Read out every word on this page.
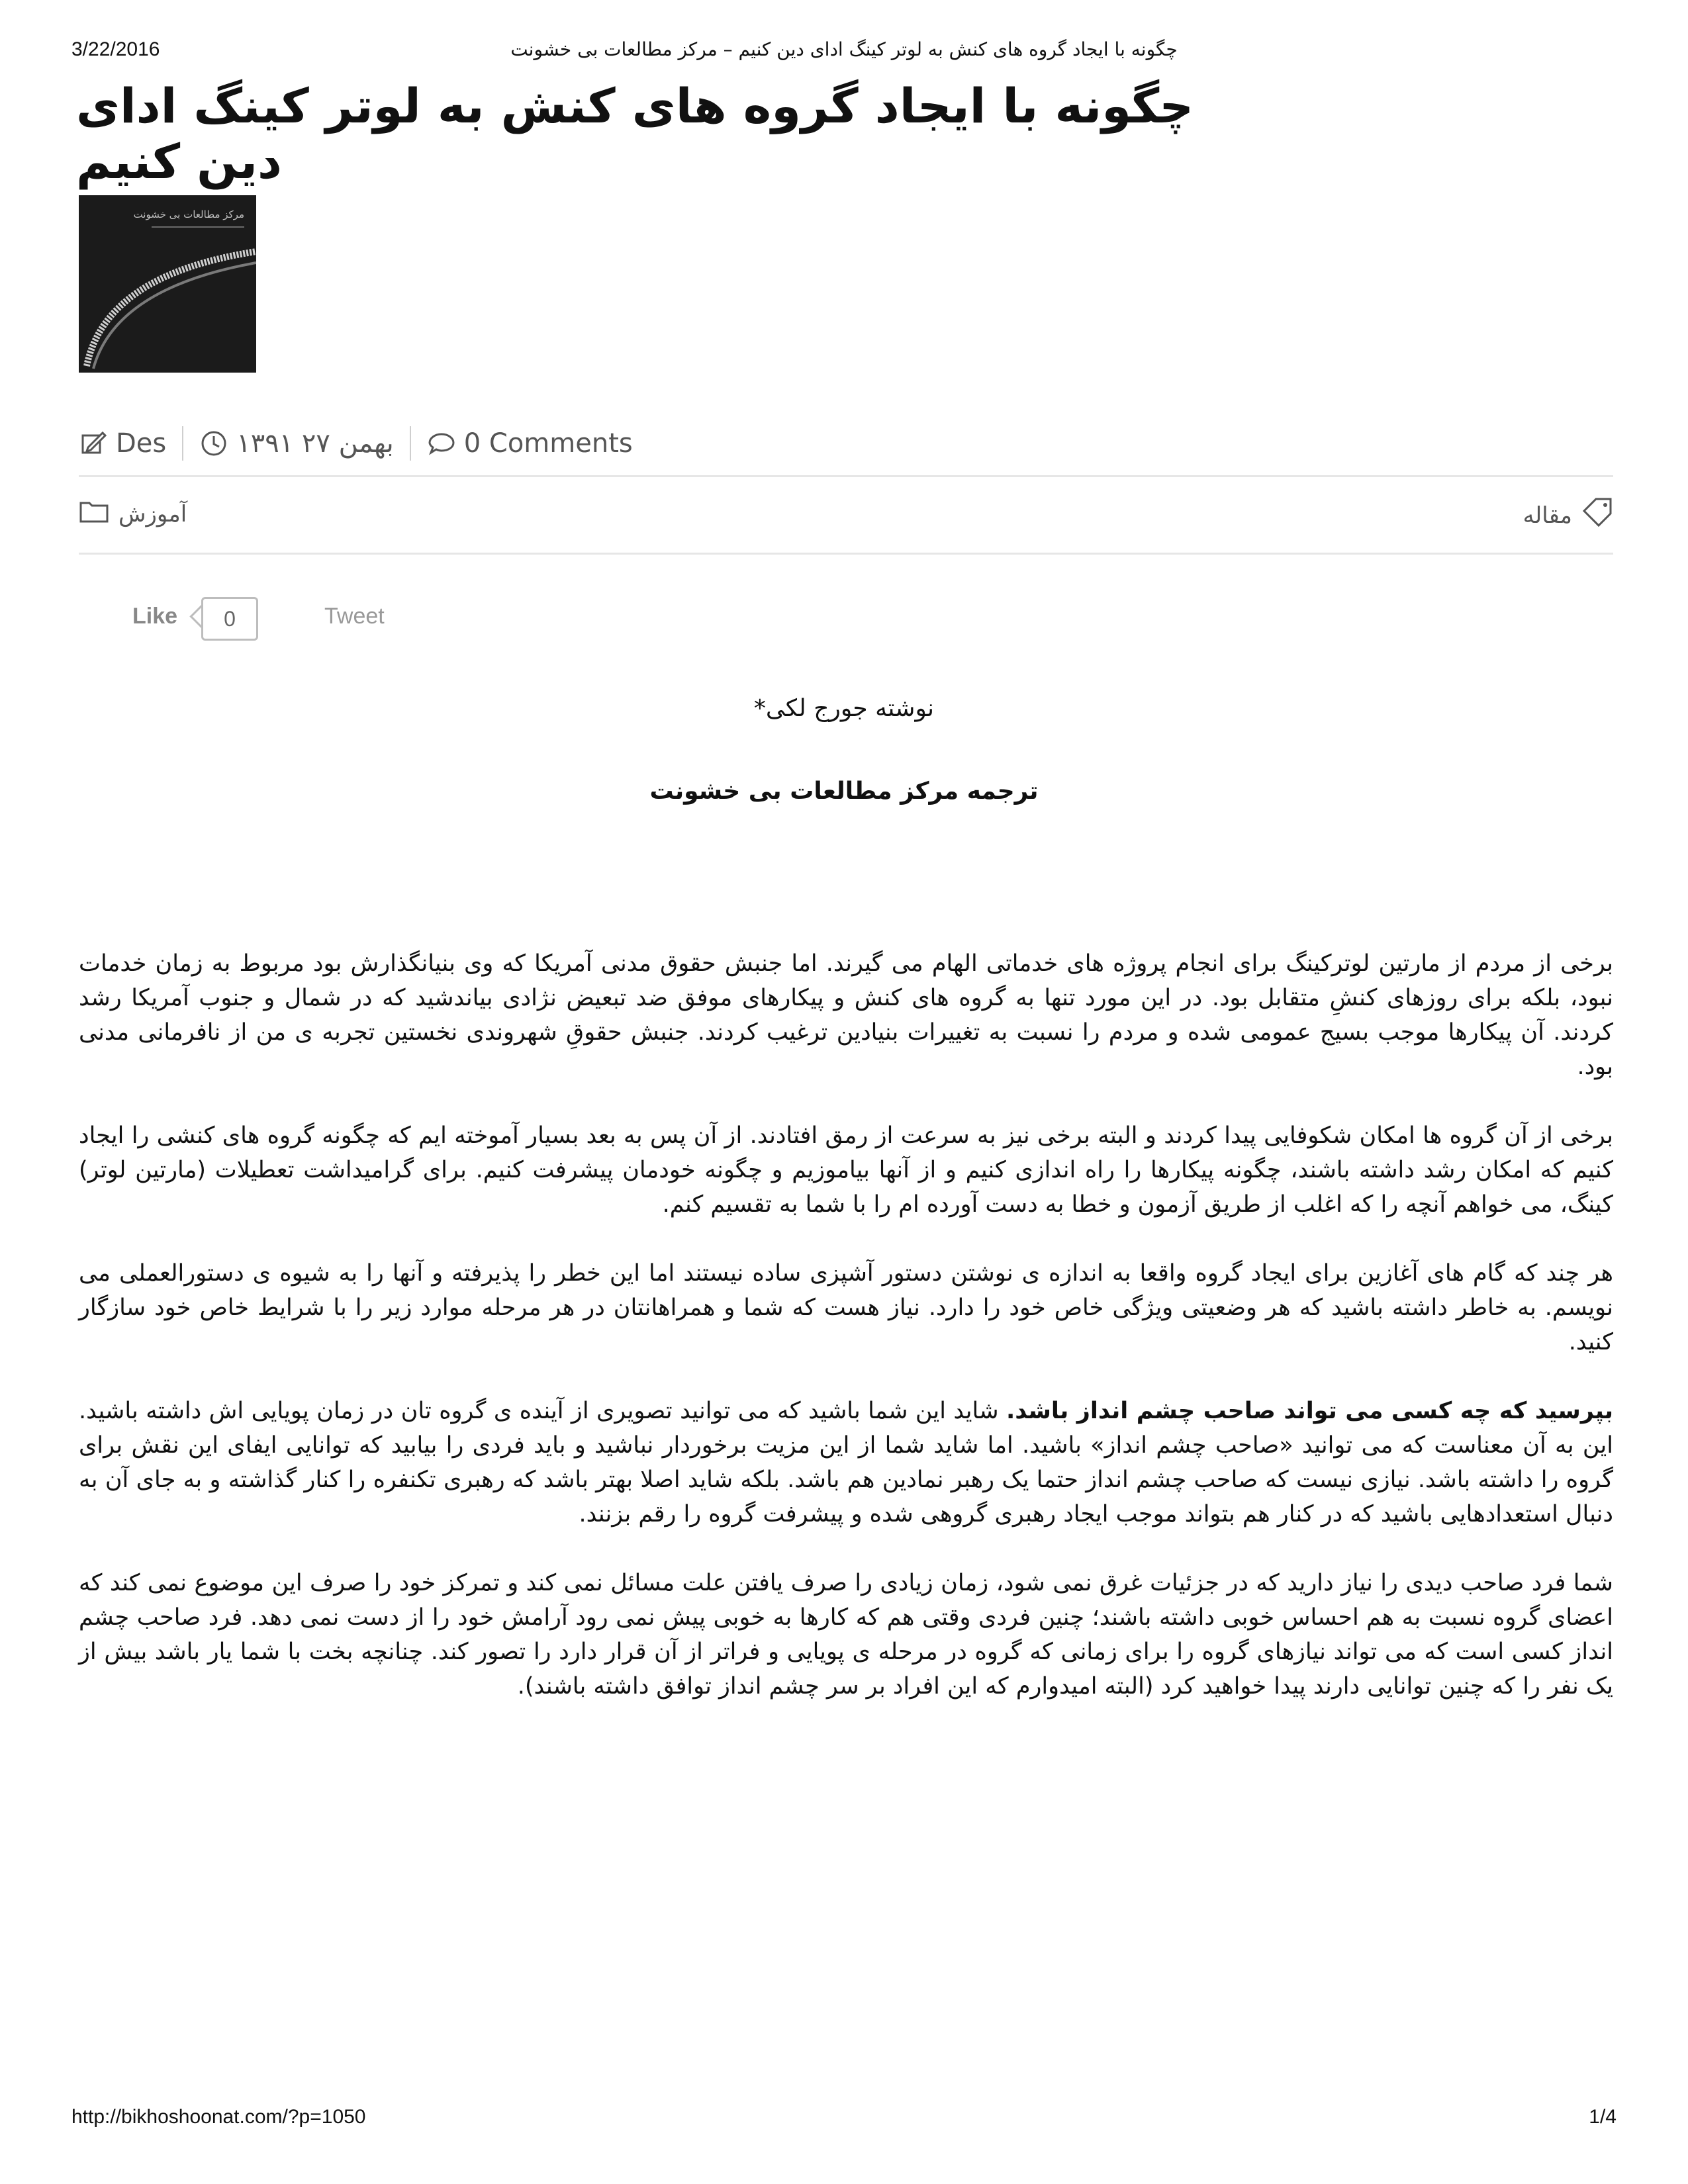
3/22/2016	چگونه با ایجاد گروه های کنش به لوتر کینگ ادای دین کنیم – مرکز مطالعات بی خشونت
چگونه با ایجاد گروه های کنش به لوتر کینگ ادای دین کنیم
مرکز مطالعات بی خشونت
Des	بهمن ۲۷ ۱۳۹۱	0 Comments
آموزش	مقاله
Like	0	Tweet
نوشته جورج لکی*
ترجمه مرکز مطالعات بی خشونت

برخی از مردم از مارتین لوترکینگ برای انجام پروژه های خدماتی الهام می گیرند. اما جنبش حقوق مدنی آمریکا که وی بنیانگذارش بود مربوط به زمان خدمات نبود، بلکه برای روزهای کنشِ متقابل بود. در این مورد تنها به گروه های کنش و پیکارهای موفق ضد تبعیض نژادی بیاندشید که در شمال و جنوب آمریکا رشد کردند. آن پیکارها موجب بسیج عمومی شده و مردم را نسبت به تغییرات بنیادین ترغیب کردند. جنبش حقوقِ شهروندی نخستین تجربه ی من از نافرمانی مدنی بود.

برخی از آن گروه ها امکان شکوفایی پیدا کردند و البته برخی نیز به سرعت از رمق افتادند. از آن پس به بعد بسیار آموخته ایم که چگونه گروه های کنشی را ایجاد کنیم که امکان رشد داشته باشند، چگونه پیکارها را راه اندازی کنیم و از آنها بیاموزیم و چگونه خودمان پیشرفت کنیم. برای گرامیداشت تعطیلات (مارتین لوتر) کینگ، می خواهم آنچه را که اغلب از طریق آزمون و خطا به دست آورده ام را با شما به تقسیم کنم.

هر چند که گام های آغازین برای ایجاد گروه واقعا به اندازه ی نوشتن دستور آشپزی ساده نیستند اما این خطر را پذیرفته و آنها را به شیوه ی دستورالعملی می نویسم. به خاطر داشته باشید که هر وضعیتی ویژگی خاص خود را دارد. نیاز هست که شما و همراهانتان در هر مرحله موارد زیر را با شرایط خاص خود سازگار کنید.

بپرسید که چه کسی می تواند صاحب چشم انداز باشد. شاید این شما باشید که می توانید تصویری از آینده ی گروه تان در زمان پویایی اش داشته باشید. این به آن معناست که می توانید «صاحب چشم انداز» باشید. اما شاید شما از این مزیت برخوردار نباشید و باید فردی را بیابید که توانایی ایفای این نقش برای گروه را داشته باشد. نیازی نیست که صاحب چشم انداز حتما یک رهبر نمادین هم باشد. بلکه شاید اصلا بهتر باشد که رهبری تکنفره را کنار گذاشته و به جای آن به دنبال استعدادهایی باشید که در کنار هم بتواند موجب ایجاد رهبری گروهی شده و پیشرفت گروه را رقم بزنند.

شما فرد صاحب دیدی را نیاز دارید که در جزئیات غرق نمی شود، زمان زیادی را صرف یافتن علت مسائل نمی کند و تمرکز خود را صرف این موضوع نمی کند که اعضای گروه نسبت به هم احساس خوبی داشته باشند؛ چنین فردی وقتی هم که کارها به خوبی پیش نمی رود آرامش خود را از دست نمی دهد. فرد صاحب چشم انداز کسی است که می تواند نیازهای گروه را برای زمانی که گروه در مرحله ی پویایی و فراتر از آن قرار دارد را تصور کند. چنانچه بخت با شما یار باشد بیش از یک نفر را که چنین توانایی دارند پیدا خواهید کرد (البته امیدوارم که این افراد بر سر چشم انداز توافق داشته باشند).

http://bikhoshoonat.com/?p=1050	1/4
